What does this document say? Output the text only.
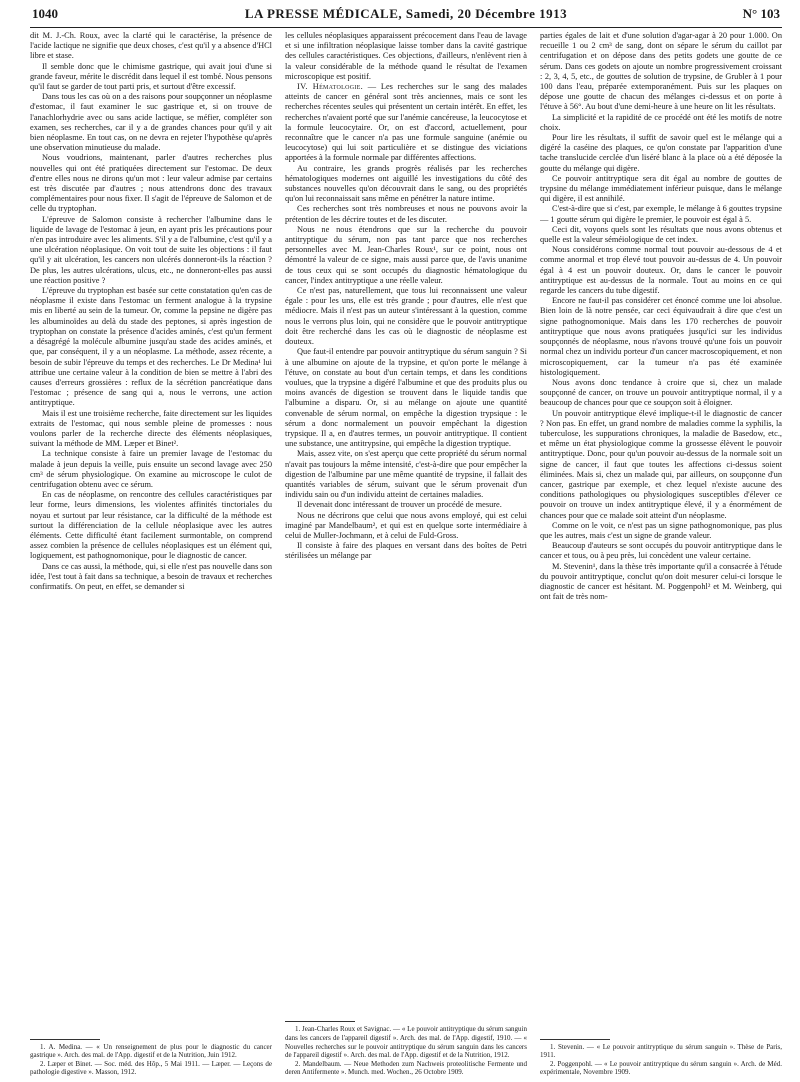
LA PRESSE MÉDICALE, Samedi, 20 Décembre 1913
1040	N° 103

dit M. J.-Ch. Roux, avec la clarté qui le caractérise, la présence de l'acide lactique ne signifie que deux choses, c'est qu'il y a absence d'HCl libre et stase.

Il semble donc que le chimisme gastrique, qui avait joui d'une si grande faveur, mérite le discrédit dans lequel il est tombé. Nous pensons qu'il faut se garder de tout parti pris, et surtout d'être excessif.

Dans tous les cas où on a des raisons pour soupçonner un néoplasme d'estomac, il faut examiner le suc gastrique et, si on trouve de l'anachlorhydrie avec ou sans acide lactique, se méfier, compléter son examen, ses recherches, car il y a de grandes chances pour qu'il y ait bien néoplasme. En tout cas, on ne devra en rejeter l'hypothèse qu'après une observation minutieuse du malade.

Nous voudrions, maintenant, parler d'autres recherches plus nouvelles qui ont été pratiquées directement sur l'estomac. De deux d'entre elles nous ne dirons qu'un mot : leur valeur admise par certains est très discutée par d'autres ; nous attendrons donc des travaux complémentaires pour nous fixer. Il s'agit de l'épreuve de Salomon et de celle du tryptophan.

L'épreuve de Salomon consiste à rechercher l'albumine dans le liquide de lavage de l'estomac à jeun, en ayant pris les précautions pour n'en pas introduire avec les aliments. S'il y a de l'albumine, c'est qu'il y a une ulcération néoplasique. On voit tout de suite les objections : il faut qu'il y ait ulcération, les cancers non ulcérés donneront-ils la réaction ? De plus, les autres ulcérations, ulcus, etc., ne donneront-elles pas aussi une réaction positive ?

L'épreuve du tryptophan est basée sur cette constatation qu'en cas de néoplasme il existe dans l'estomac un ferment analogue à la trypsine mis en liberté au sein de la tumeur. Or, comme la pepsine ne digère pas les albuminoïdes au delà du stade des peptones, si après ingestion de tryptophan on constate la présence d'acides aminés, c'est qu'un ferment a désagrégé la molécule albumine jusqu'au stade des acides aminés, et que, par conséquent, il y a un néoplasme. La méthode, assez récente, a besoin de subir l'épreuve du temps et des recherches. Le Dr Medina¹ lui attribue une certaine valeur à la condition de bien se mettre à l'abri des causes d'erreurs grossières : reflux de la sécrétion pancréatique dans l'estomac ; présence de sang qui a, nous le verrons, une action antitryptique.

Mais il est une troisième recherche, faite directement sur les liquides extraits de l'estomac, qui nous semble pleine de promesses : nous voulons parler de la recherche directe des éléments néoplasiques, suivant la méthode de MM. Læper et Binet².

La technique consiste à faire un premier lavage de l'estomac du malade à jeun depuis la veille, puis ensuite un second lavage avec 250 cm³ de sérum physiologique. On examine au microscope le culot de centrifugation obtenu avec ce sérum.

En cas de néoplasme, on rencontre des cellules caractéristiques par leur forme, leurs dimensions, les violentes affinités tinctoriales du noyau et surtout par leur résistance, car la difficulté de la méthode est surtout la différenciation de la cellule néoplasique avec les autres éléments. Cette difficulté étant facilement surmontable, on comprend assez combien la présence de cellules néoplasiques est un élément qui, logiquement, est pathognomonique, pour le diagnostic de cancer.

Dans ce cas aussi, la méthode, qui, si elle n'est pas nouvelle dans son idée, l'est tout à fait dans sa technique, a besoin de travaux et recherches confirmatifs. On peut, en effet, se demander si

1. A. Medina. — « Un renseignement de plus pour le diagnostic du cancer gastrique ». Arch. des mal. de l'App. digestif et de la Nutrition, Juin 1912.

2. Læper et Binet. — Soc. méd. des Hôp., 5 Mai 1911. — Læper. — Leçons de pathologie digestive ». Masson, 1912.

les cellules néoplasiques apparaissent précocement dans l'eau de lavage et si une infiltration néoplasique laisse tomber dans la cavité gastrique des cellules caractéristiques. Ces objections, d'ailleurs, n'enlèvent rien à la valeur considérable de la méthode quand le résultat de l'examen microscopique est positif.

IV. Hématologie. — Les recherches sur le sang des malades atteints de cancer en général sont très anciennes, mais ce sont les recherches récentes seules qui présentent un certain intérêt. En effet, les recherches n'avaient porté que sur l'anémie cancéreuse, la leucocytose et la formule leucocytaire. Or, on est d'accord, actuellement, pour reconnaître que le cancer n'a pas une formule sanguine (anémie ou leucocytose) qui lui soit particulière et se distingue des viciations apportées à la formule normale par différentes affections.

Au contraire, les grands progrès réalisés par les recherches hématologiques modernes ont aiguillé les investigations du côté des substances nouvelles qu'on découvrait dans le sang, ou des propriétés qu'on lui reconnaissait sans même en pénétrer la nature intime.

Ces recherches sont très nombreuses et nous ne pouvons avoir la prétention de les décrire toutes et de les discuter.

Nous ne nous étendrons que sur la recherche du pouvoir antitryptique du sérum, non pas tant parce que nos recherches personnelles avec M. Jean-Charles Roux¹, sur ce point, nous ont démontré la valeur de ce signe, mais aussi parce que, de l'avis unanime de tous ceux qui se sont occupés du diagnostic hématologique du cancer, l'index antitryptique a une réelle valeur.

Ce n'est pas, naturellement, que tous lui reconnaissent une valeur égale : pour les uns, elle est très grande ; pour d'autres, elle n'est que médiocre. Mais il n'est pas un auteur s'intéressant à la question, comme nous le verrons plus loin, qui ne considère que le pouvoir antitryptique doit être recherché dans les cas où le diagnostic de néoplasme est douteux.

Que faut-il entendre par pouvoir antitryptique du sérum sanguin ? Si à une albumine on ajoute de la trypsine, et qu'on porte le mélange à l'étuve, on constate au bout d'un certain temps, et dans les conditions voulues, que la trypsine a digéré l'albumine et que des produits plus ou moins avancés de digestion se trouvent dans le liquide tandis que l'albumine a disparu. Or, si au mélange on ajoute une quantité convenable de sérum normal, on empêche la digestion trypsique : le sérum a donc normalement un pouvoir empêchant la digestion trypsique. Il a, en d'autres termes, un pouvoir antitryptique. Il contient une substance, une antitrypsine, qui empêche la digestion tryptique.

Mais, assez vite, on s'est aperçu que cette propriété du sérum normal n'avait pas toujours la même intensité, c'est-à-dire que pour empêcher la digestion de l'albumine par une même quantité de trypsine, il fallait des quantités variables de sérum, suivant que le sérum provenait d'un individu sain ou d'un individu atteint de certaines maladies.

Il devenait donc intéressant de trouver un procédé de mesure.

Nous ne décrirons que celui que nous avons employé, qui est celui imaginé par Mandelbaum², et qui est en quelque sorte intermédiaire à celui de Muller-Jochmann, et à celui de Fuld-Gross.

Il consiste à faire des plaques en versant dans des boîtes de Petri stérilisées un mélange par

1. Jean-Charles Roux et Savignac. — « Le pouvoir antitryptique du sérum sanguin dans les cancers de l'appareil digestif ». Arch. des mal. de l'App. digestif, 1910. — « Nouvelles recherches sur le pouvoir antitryptique du sérum sanguin dans les cancers de l'appareil digestif ». Arch. des mal. de l'App. digestif et de la Nutrition, 1912.

2. Mandelbaum. — Neue Methoden zum Nachweis proteolitische Fermente und deren Antifermente ». Munch. med. Wochen., 26 Octobre 1909.

parties égales de lait et d'une solution d'agar-agar à 20 pour 1.000. On recueille 1 ou 2 cm³ de sang, dont on sépare le sérum du caillot par centrifugation et on dépose dans des petits godets une goutte de ce sérum. Dans ces godets on ajoute un nombre progressivement croissant : 2, 3, 4, 5, etc., de gouttes de solution de trypsine, de Grubler à 1 pour 100 dans l'eau, préparée extemporanément. Puis sur les plaques on dépose une goutte de chacun des mélanges ci-dessus et on porte à l'étuve à 56°. Au bout d'une demi-heure à une heure on lit les résultats.

La simplicité et la rapidité de ce procédé ont été les motifs de notre choix.

Pour lire les résultats, il suffit de savoir quel est le mélange qui a digéré la caséine des plaques, ce qu'on constate par l'apparition d'une tache translucide cerclée d'un liséré blanc à la place où a été déposée la goutte du mélange qui digère.

Ce pouvoir antitryptique sera dit égal au nombre de gouttes de trypsine du mélange immédiatement inférieur puisque, dans le mélange qui digère, il est annihilé.

C'est-à-dire que si c'est, par exemple, le mélange à 6 gouttes trypsine — 1 goutte sérum qui digère le premier, le pouvoir est égal à 5.

Ceci dit, voyons quels sont les résultats que nous avons obtenus et quelle est la valeur séméiologique de cet index.

Nous considérons comme normal tout pouvoir au-dessous de 4 et comme anormal et trop élevé tout pouvoir au-dessus de 4. Un pouvoir égal à 4 est un pouvoir douteux. Or, dans le cancer le pouvoir antitryptique est au-dessus de la normale. Tout au moins en ce qui regarde les cancers du tube digestif.

Encore ne faut-il pas considérer cet énoncé comme une loi absolue. Bien loin de là notre pensée, car ceci équivaudrait à dire que c'est un signe pathognomonique. Mais dans les 170 recherches de pouvoir antitryptique que nous avons pratiquées jusqu'ici sur les individus soupçonnés de néoplasme, nous n'avons trouvé qu'une fois un pouvoir normal chez un individu porteur d'un cancer macroscopiquement, et non microscopiquement, car la tumeur n'a pas été examinée histologiquement.

Nous avons donc tendance à croire que si, chez un malade soupçonné de cancer, on trouve un pouvoir antitryptique normal, il y a beaucoup de chances pour que ce soupçon soit à éloigner.

Un pouvoir antitryptique élevé implique-t-il le diagnostic de cancer ? Non pas. En effet, un grand nombre de maladies comme la syphilis, la tuberculose, les suppurations chroniques, la maladie de Basedow, etc., et même un état physiologique comme la grossesse élèvent le pouvoir antitryptique. Donc, pour qu'un pouvoir au-dessus de la normale soit un signe de cancer, il faut que toutes les affections ci-dessus soient éliminées. Mais si, chez un malade qui, par ailleurs, on soupçonne d'un cancer, gastrique par exemple, et chez lequel n'existe aucune des conditions pathologiques ou physiologiques susceptibles d'élever ce pouvoir on trouve un index antitryptique élevé, il y a énormément de chances pour que ce malade soit atteint d'un néoplasme.

Comme on le voit, ce n'est pas un signe pathognomonique, pas plus que les autres, mais c'est un signe de grande valeur.

Beaucoup d'auteurs se sont occupés du pouvoir antitryptique dans le cancer et tous, ou à peu près, lui concèdent une valeur certaine.

M. Stevenin¹, dans la thèse très importante qu'il a consacrée à l'étude du pouvoir antitryptique, conclut qu'on doit mesurer celui-ci lorsque le diagnostic de cancer est hésitant. M. Poggenpohl² et M. Weinberg, qui ont fait de très nom-

1. Stevenin. — « Le pouvoir antitryptique du sérum sanguin ». Thèse de Paris, 1911.

2. Poggenpohl. — « Le pouvoir antitryptique du sérum sanguin ». Arch. de Méd. expérimentale, Novembre 1909.
